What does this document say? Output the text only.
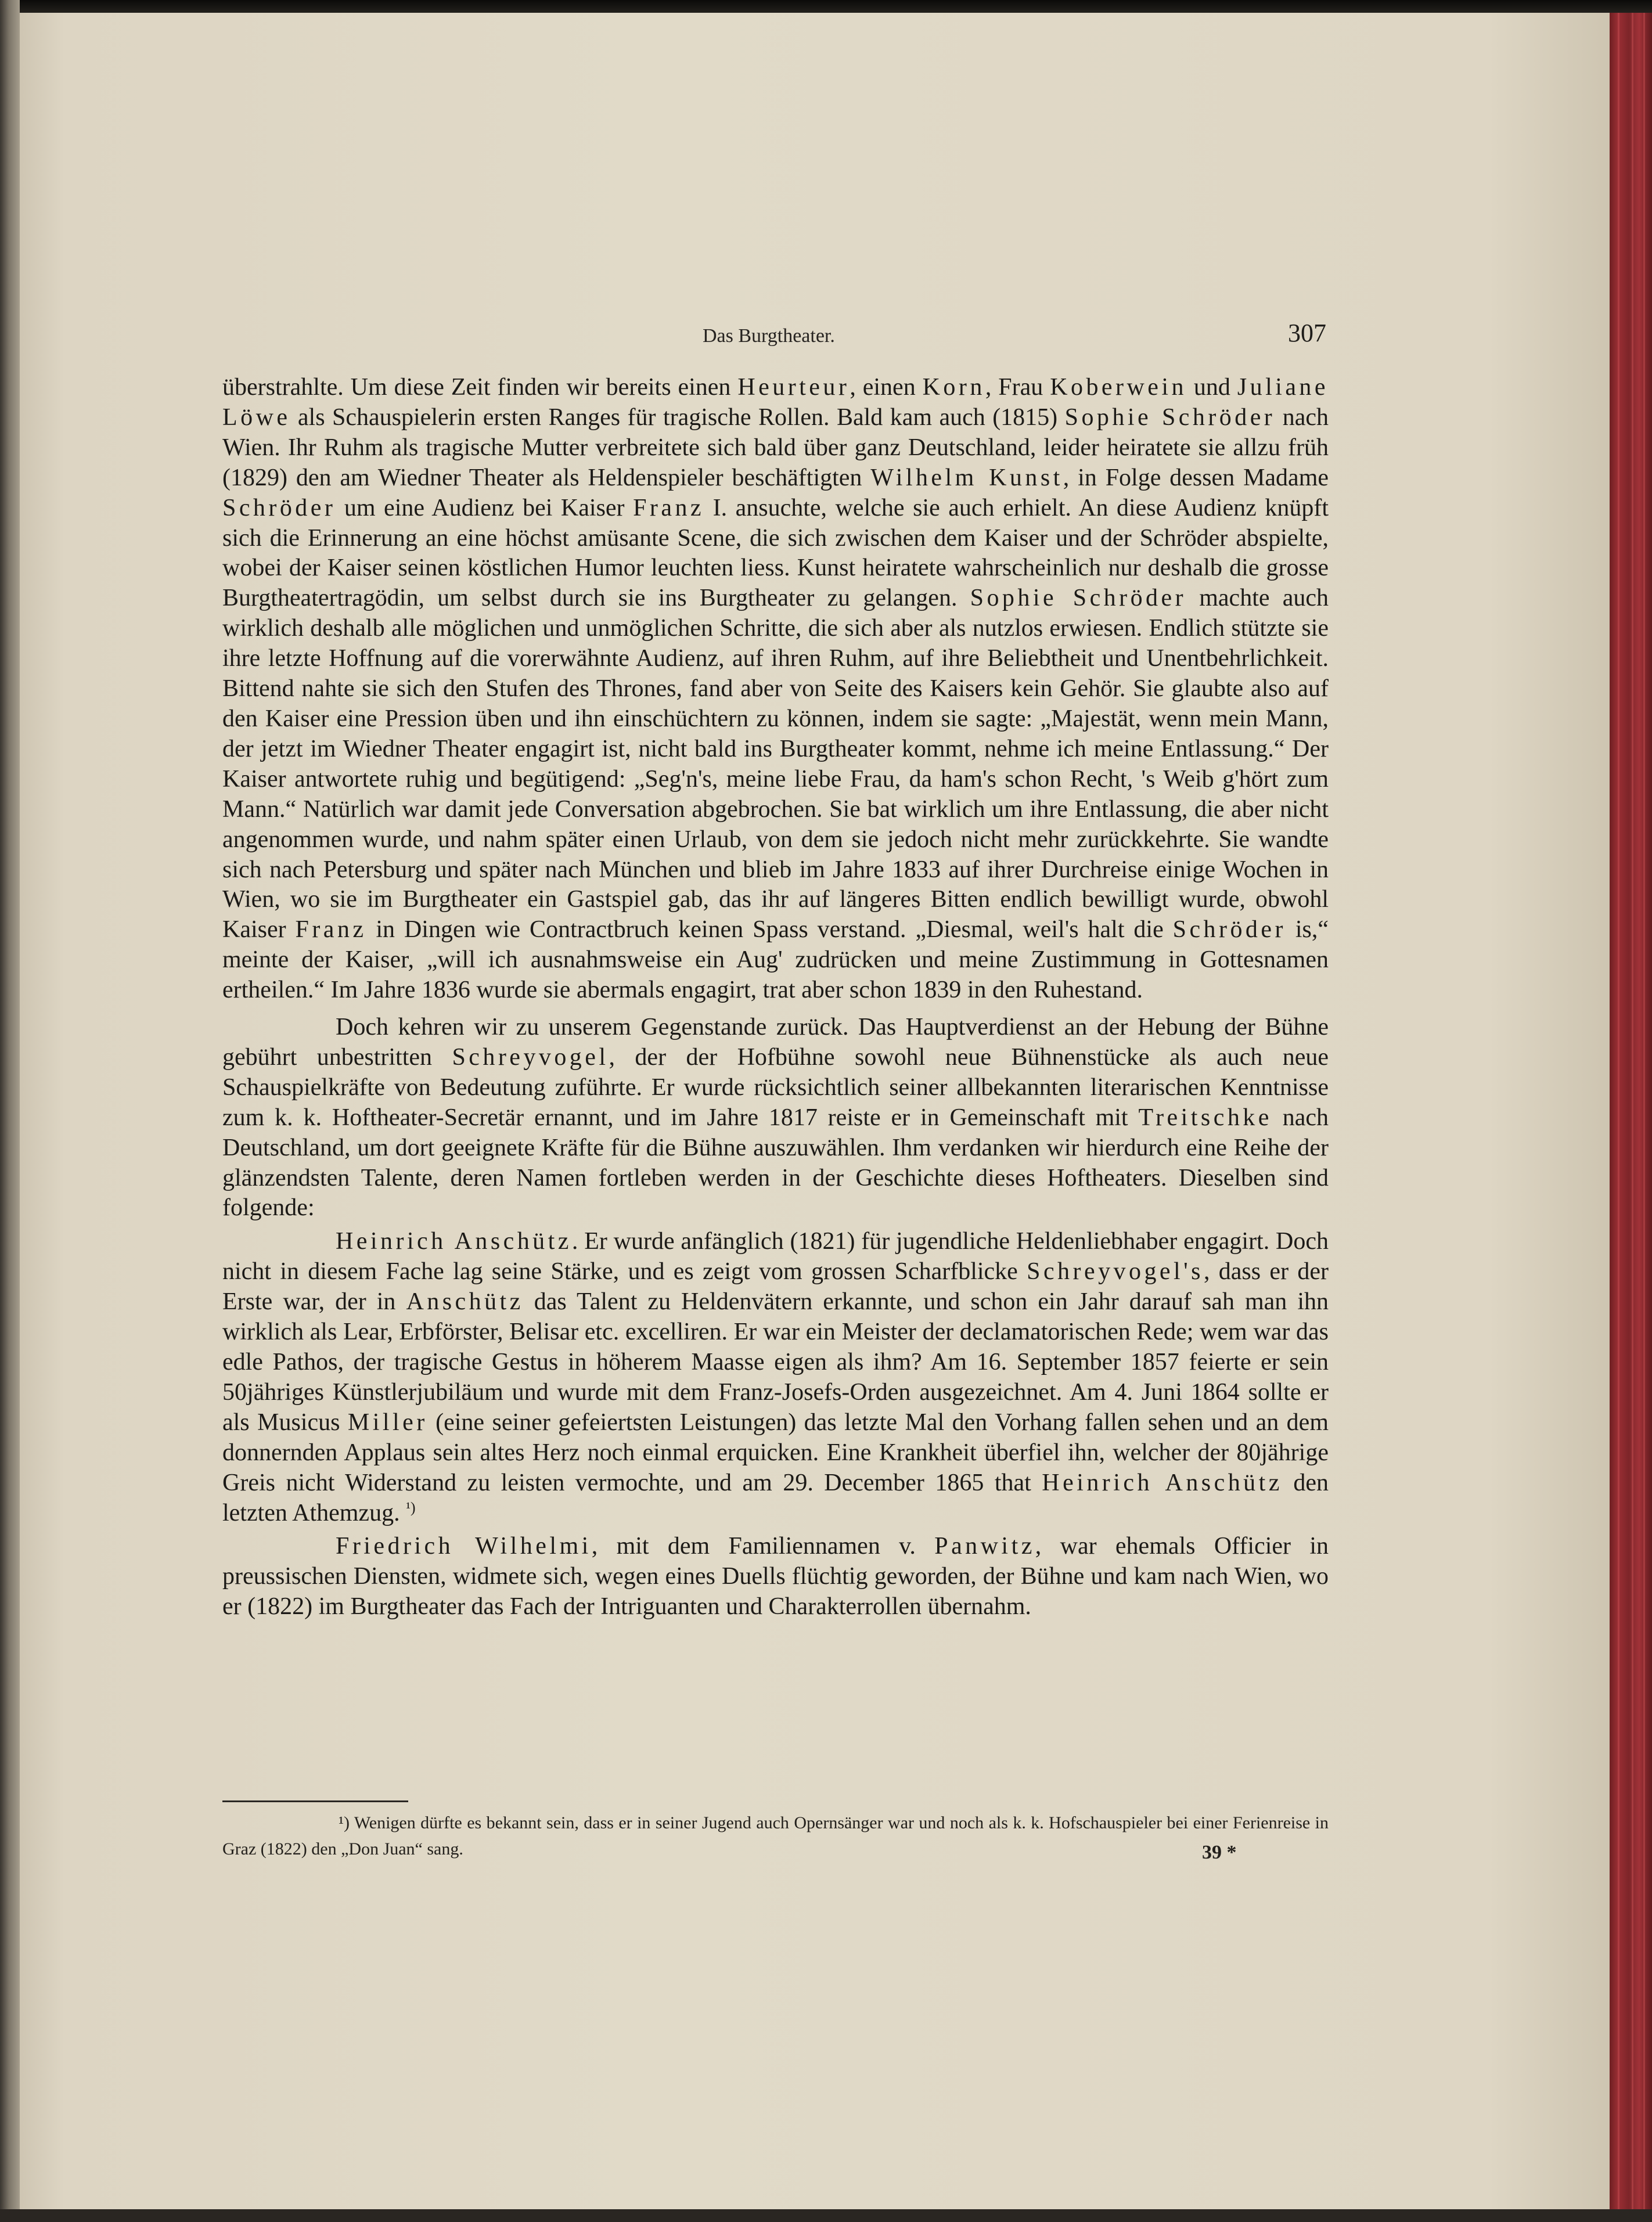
Das Burgtheater.	307

überstrahlte. Um diese Zeit finden wir bereits einen Heurteur, einen Korn, Frau Koberwein und Juliane Löwe als Schauspielerin ersten Ranges für tragische Rollen. Bald kam auch (1815) Sophie Schröder nach Wien. Ihr Ruhm als tragische Mutter verbreitete sich bald über ganz Deutschland, leider heiratete sie allzu früh (1829) den am Wiedner Theater als Heldenspieler beschäftigten Wilhelm Kunst, in Folge dessen Madame Schröder um eine Audienz bei Kaiser Franz I. ansuchte, welche sie auch erhielt. An diese Audienz knüpft sich die Erinnerung an eine höchst amüsante Scene, die sich zwischen dem Kaiser und der Schröder abspielte, wobei der Kaiser seinen köstlichen Humor leuchten liess. Kunst heiratete wahrscheinlich nur deshalb die grosse Burgtheatertragödin, um selbst durch sie ins Burgtheater zu gelangen. Sophie Schröder machte auch wirklich deshalb alle möglichen und unmöglichen Schritte, die sich aber als nutzlos erwiesen. Endlich stützte sie ihre letzte Hoffnung auf die vorerwähnte Audienz, auf ihren Ruhm, auf ihre Beliebtheit und Unentbehrlichkeit. Bittend nahte sie sich den Stufen des Thrones, fand aber von Seite des Kaisers kein Gehör. Sie glaubte also auf den Kaiser eine Pression üben und ihn einschüchtern zu können, indem sie sagte: „Majestät, wenn mein Mann, der jetzt im Wiedner Theater engagirt ist, nicht bald ins Burgtheater kommt, nehme ich meine Entlassung.“ Der Kaiser antwortete ruhig und begütigend: „Seg'n's, meine liebe Frau, da ham's schon Recht, 's Weib g'hört zum Mann.“ Natürlich war damit jede Conversation abgebrochen. Sie bat wirklich um ihre Entlassung, die aber nicht angenommen wurde, und nahm später einen Urlaub, von dem sie jedoch nicht mehr zurückkehrte. Sie wandte sich nach Petersburg und später nach München und blieb im Jahre 1833 auf ihrer Durchreise einige Wochen in Wien, wo sie im Burgtheater ein Gastspiel gab, das ihr auf längeres Bitten endlich bewilligt wurde, obwohl Kaiser Franz in Dingen wie Contractbruch keinen Spass verstand. „Diesmal, weil's halt die Schröder is,“ meinte der Kaiser, „will ich ausnahmsweise ein Aug' zudrücken und meine Zustimmung in Gottesnamen ertheilen.“ Im Jahre 1836 wurde sie abermals engagirt, trat aber schon 1839 in den Ruhestand.

Doch kehren wir zu unserem Gegenstande zurück. Das Hauptverdienst an der Hebung der Bühne gebührt unbestritten Schreyvogel, der der Hofbühne sowohl neue Bühnenstücke als auch neue Schauspielkräfte von Bedeutung zuführte. Er wurde rücksichtlich seiner allbekannten literarischen Kenntnisse zum k. k. Hoftheater-Secretär ernannt, und im Jahre 1817 reiste er in Gemeinschaft mit Treitschke nach Deutschland, um dort geeignete Kräfte für die Bühne auszuwählen. Ihm verdanken wir hierdurch eine Reihe der glänzendsten Talente, deren Namen fortleben werden in der Geschichte dieses Hoftheaters. Dieselben sind folgende:

Heinrich Anschütz. Er wurde anfänglich (1821) für jugendliche Heldenliebhaber engagirt. Doch nicht in diesem Fache lag seine Stärke, und es zeigt vom grossen Scharfblicke Schreyvogel's, dass er der Erste war, der in Anschütz das Talent zu Heldenvätern erkannte, und schon ein Jahr darauf sah man ihn wirklich als Lear, Erbförster, Belisar etc. excelliren. Er war ein Meister der declamatorischen Rede; wem war das edle Pathos, der tragische Gestus in höherem Maasse eigen als ihm? Am 16. September 1857 feierte er sein 50jähriges Künstlerjubiläum und wurde mit dem Franz-Josefs-Orden ausgezeichnet. Am 4. Juni 1864 sollte er als Musicus Miller (eine seiner gefeiertsten Leistungen) das letzte Mal den Vorhang fallen sehen und an dem donnernden Applaus sein altes Herz noch einmal erquicken. Eine Krankheit überfiel ihn, welcher der 80jährige Greis nicht Widerstand zu leisten vermochte, und am 29. December 1865 that Heinrich Anschütz den letzten Athemzug. $^{^1)}$

Friedrich Wilhelmi, mit dem Familiennamen v. Panwitz, war ehemals Officier in preussischen Diensten, widmete sich, wegen eines Duells flüchtig geworden, der Bühne und kam nach Wien, wo er (1822) im Burgtheater das Fach der Intriguanten und Charakterrollen übernahm.

¹) Wenigen dürfte es bekannt sein, dass er in seiner Jugend auch Opernsänger war und noch als k. k. Hofschauspieler bei einer Ferienreise in Graz (1822) den „Don Juan“ sang.	39 *
